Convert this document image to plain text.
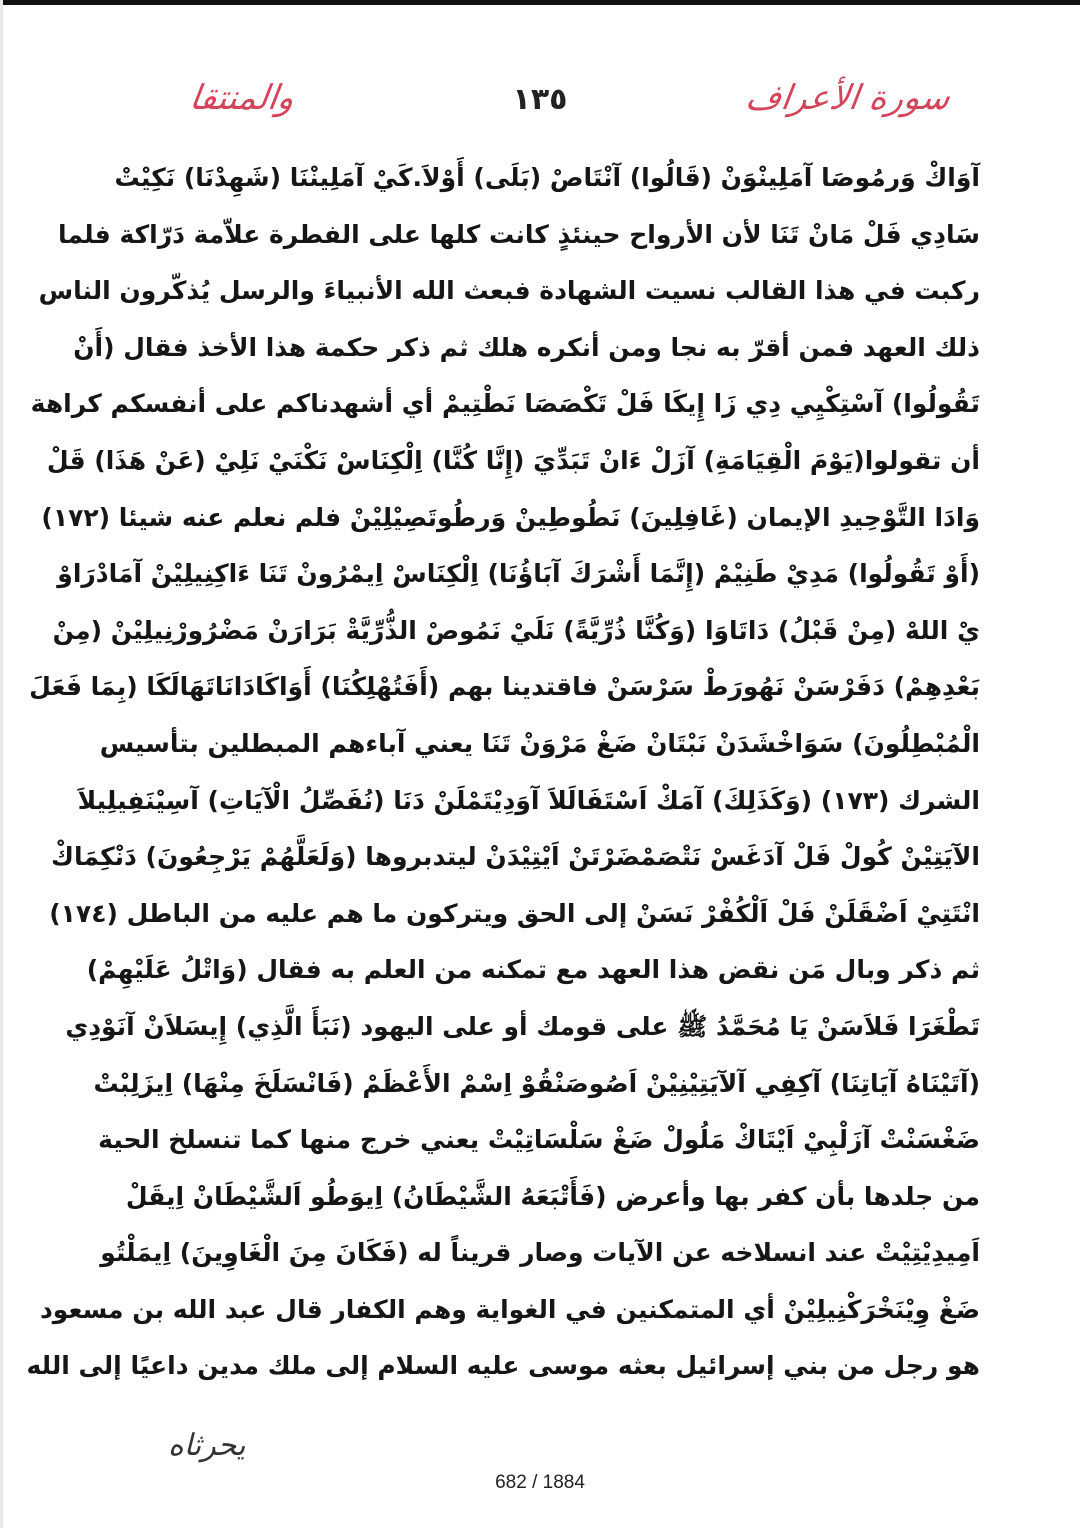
والمنتقا	١٣٥	سورة الأعراف
آوَاكْ وَرمُوصَا آمَلِينْوَنْ (قَالُوا) آنْتَاصْ (بَلَى) أَوْلاَ.كَيْ آمَلِينْنَا (شَهِدْنَا) نَكِيْتْ
سَادِي فَلْ مَانْ تَنَا لأن الأرواح حينئذٍ كانت كلها على الفطرة علاّمة دَرّاكة فلما
ركبت في هذا القالب نسيت الشهادة فبعث الله الأنبياءَ والرسل يُذكّرون الناس
ذلك العهد فمن أقرّ به نجا ومن أنكره هلك ثم ذكر حكمة هذا الأخذ فقال (أَنْ
تَقُولُوا) آسْتِكْيِي دِي زَا إِيكَا فَلْ تَكْصَصَا نَطْتِيمْ أي أشهدناكم على أنفسكم كراهة
أن تقولوا(يَوْمَ الْقِيَامَةِ) آزَلْ ءَانْ تَبَدِّيَ (إِنَّا كُنَّا) اِلْكِنَاسْ نَكْنَيْ نَلِيْ (عَنْ هَذَا) قَلْ
وَادَا التَّوْحِيدِ الإيمان (غَافِلِينَ) نَطُوطِينْ وَرطُوتَصِيْلِيْنْ فلم نعلم عنه شيئا (١٧٢)
(أَوْ تَقُولُوا) مَدِيْ طَنِيْمْ (إِنَّمَا أَشْرَكَ آبَاؤُنَا) اِلْكِنَاسْ اِيمْرُونْ تَنَا ءَاكِنِيلِيْنْ آمَادْرَاوْ
يْ اللهْ (مِنْ قَبْلُ) دَاتَاوَا (وَكُنَّا ذُرِّيَّةً) نَلَيْ نَمُوصْ الذُّرِّيَّةْ بَرَارَنْ مَضْرُورْنِيلِيْنْ (مِنْ
بَعْدِهِمْ) دَفَرْسَنْ نَهُورَطْ سَرْسَنْ فاقتدينا بهم (أَفَتُهْلِكُنَا) أَوَاكَادَانَاتَهَالَكَا (بِمَا فَعَلَ
الْمُبْطِلُونَ) سَوَاخْشَدَنْ نَبْتَانْ ضَغْ مَرْوَنْ تَنَا يعني آباءهم المبطلين بتأسيس
الشرك (١٧٣) (وَكَذَلِكَ) آمَكْ اَسْتَفَالَلاَ آوَدِيْتَمْلَنْ دَنَا (نُفَصِّلُ الْآيَاتِ) آسِيْنَفِيلِيلاَ
الآيَتِيْنْ كُولْ فَلْ آدَغَسْ نَتْصَمْضَرْتَنْ اَيْتِيْدَنْ ليتدبروها (وَلَعَلَّهُمْ يَرْجِعُونَ) دَنْكِمَاكْ
انْتَتِيْ اَضْقَلَنْ فَلْ اَلْكُفْرْ نَسَنْ إلى الحق ويتركون ما هم عليه من الباطل (١٧٤)
ثم ذكر وبال مَن نقض هذا العهد مع تمكنه من العلم به فقال (وَاتْلُ عَلَيْهِمْ)
تَطْغَرَا فَلاَسَنْ يَا مُحَمَّدُ ﷺ على قومك أو على اليهود (نَبَأَ الَّذِي) إِيسَلاَنْ آنَوْدِي
(آتَيْنَاهُ آيَاتِنَا) آكِفِي آلآيَتِيْنِيْنْ اَصُوصَنْقُوْ اِسْمْ الأَعْظَمْ (فَانْسَلَخَ مِنْهَا) اِيزَلِبْتْ
ضَغْسَنْتْ آزَلْبِيْ اَيْتَاكْ مَلُولْ ضَغْ سَلْسَاتِيْتْ يعني خرج منها كما تنسلخ الحية
من جلدها بأن كفر بها وأعرض (فَأَتْبَعَهُ الشَّيْطَانُ) اِيوَطُو اَلشَّيْطَانْ اِيقَلْ
اَمِيدِيْتِيْتْ عند انسلاخه عن الآيات وصار قريناً له (فَكَانَ مِنَ الْغَاوِينَ) اِيمَلْتُو
ضَغْ وِيْنَخْرَكْنِيلِيْنْ أي المتمكنين في الغواية وهم الكفار قال عبد الله بن مسعود
هو رجل من بني إسرائيل بعثه موسى عليه السلام إلى ملك مدين داعيًا إلى الله
يحرثاه
682 / 1884
